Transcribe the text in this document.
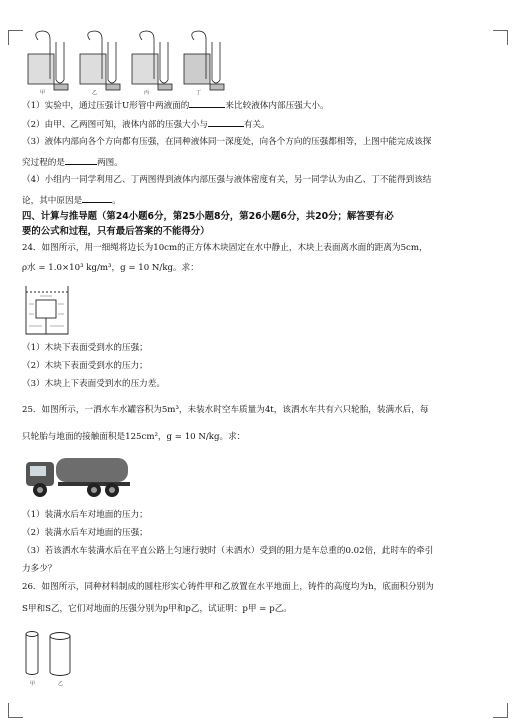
甲	乙	丙	丁
（1）实验中，通过压强计U形管中两液面的	来比较液体内部压强大小。
（2）由甲、乙两图可知，液体内部的压强大小与	有关。
（3）液体内部向各个方向都有压强，在同种液体同一深度处，向各个方向的压强都相等，上图中能完成该探
究过程的是	两图。
（4）小组内一同学利用乙、丁两图得到液体内部压强与液体密度有关，另一同学认为由乙、丁不能得到该结
论，其中原因是	。
四、计算与推导题（第24小题6分，第25小题8分，第26小题6分，共20分；解答要有必
要的公式和过程，只有最后答案的不能得分）
24．如图所示，用一细绳将边长为10cm的正方体木块固定在水中静止，木块上表面离水面的距离为5cm，
ρ水 = 1.0×10³ kg/m³，g = 10 N/kg。求：
（1）木块下表面受到水的压强；
（2）木块下表面受到水的压力；
（3）木块上下表面受到水的压力差。
25．如图所示，一洒水车水罐容积为5m³，未装水时空车质量为4t，该洒水车共有六只轮胎，装满水后，每
只轮胎与地面的接触面积是125cm²，g = 10 N/kg。求：
（1）装满水后车对地面的压力；
（2）装满水后车对地面的压强；
（3）若该洒水车装满水后在平直公路上匀速行驶时（未洒水）受到的阻力是车总重的0.02倍，此时车的牵引
力多少？
26．如图所示，同种材料制成的圆柱形实心铸件甲和乙放置在水平地面上，铸件的高度均为h，底面积分别为
S甲和S乙，它们对地面的压强分别为p甲和p乙，试证明：p甲 = p乙。
甲	乙
